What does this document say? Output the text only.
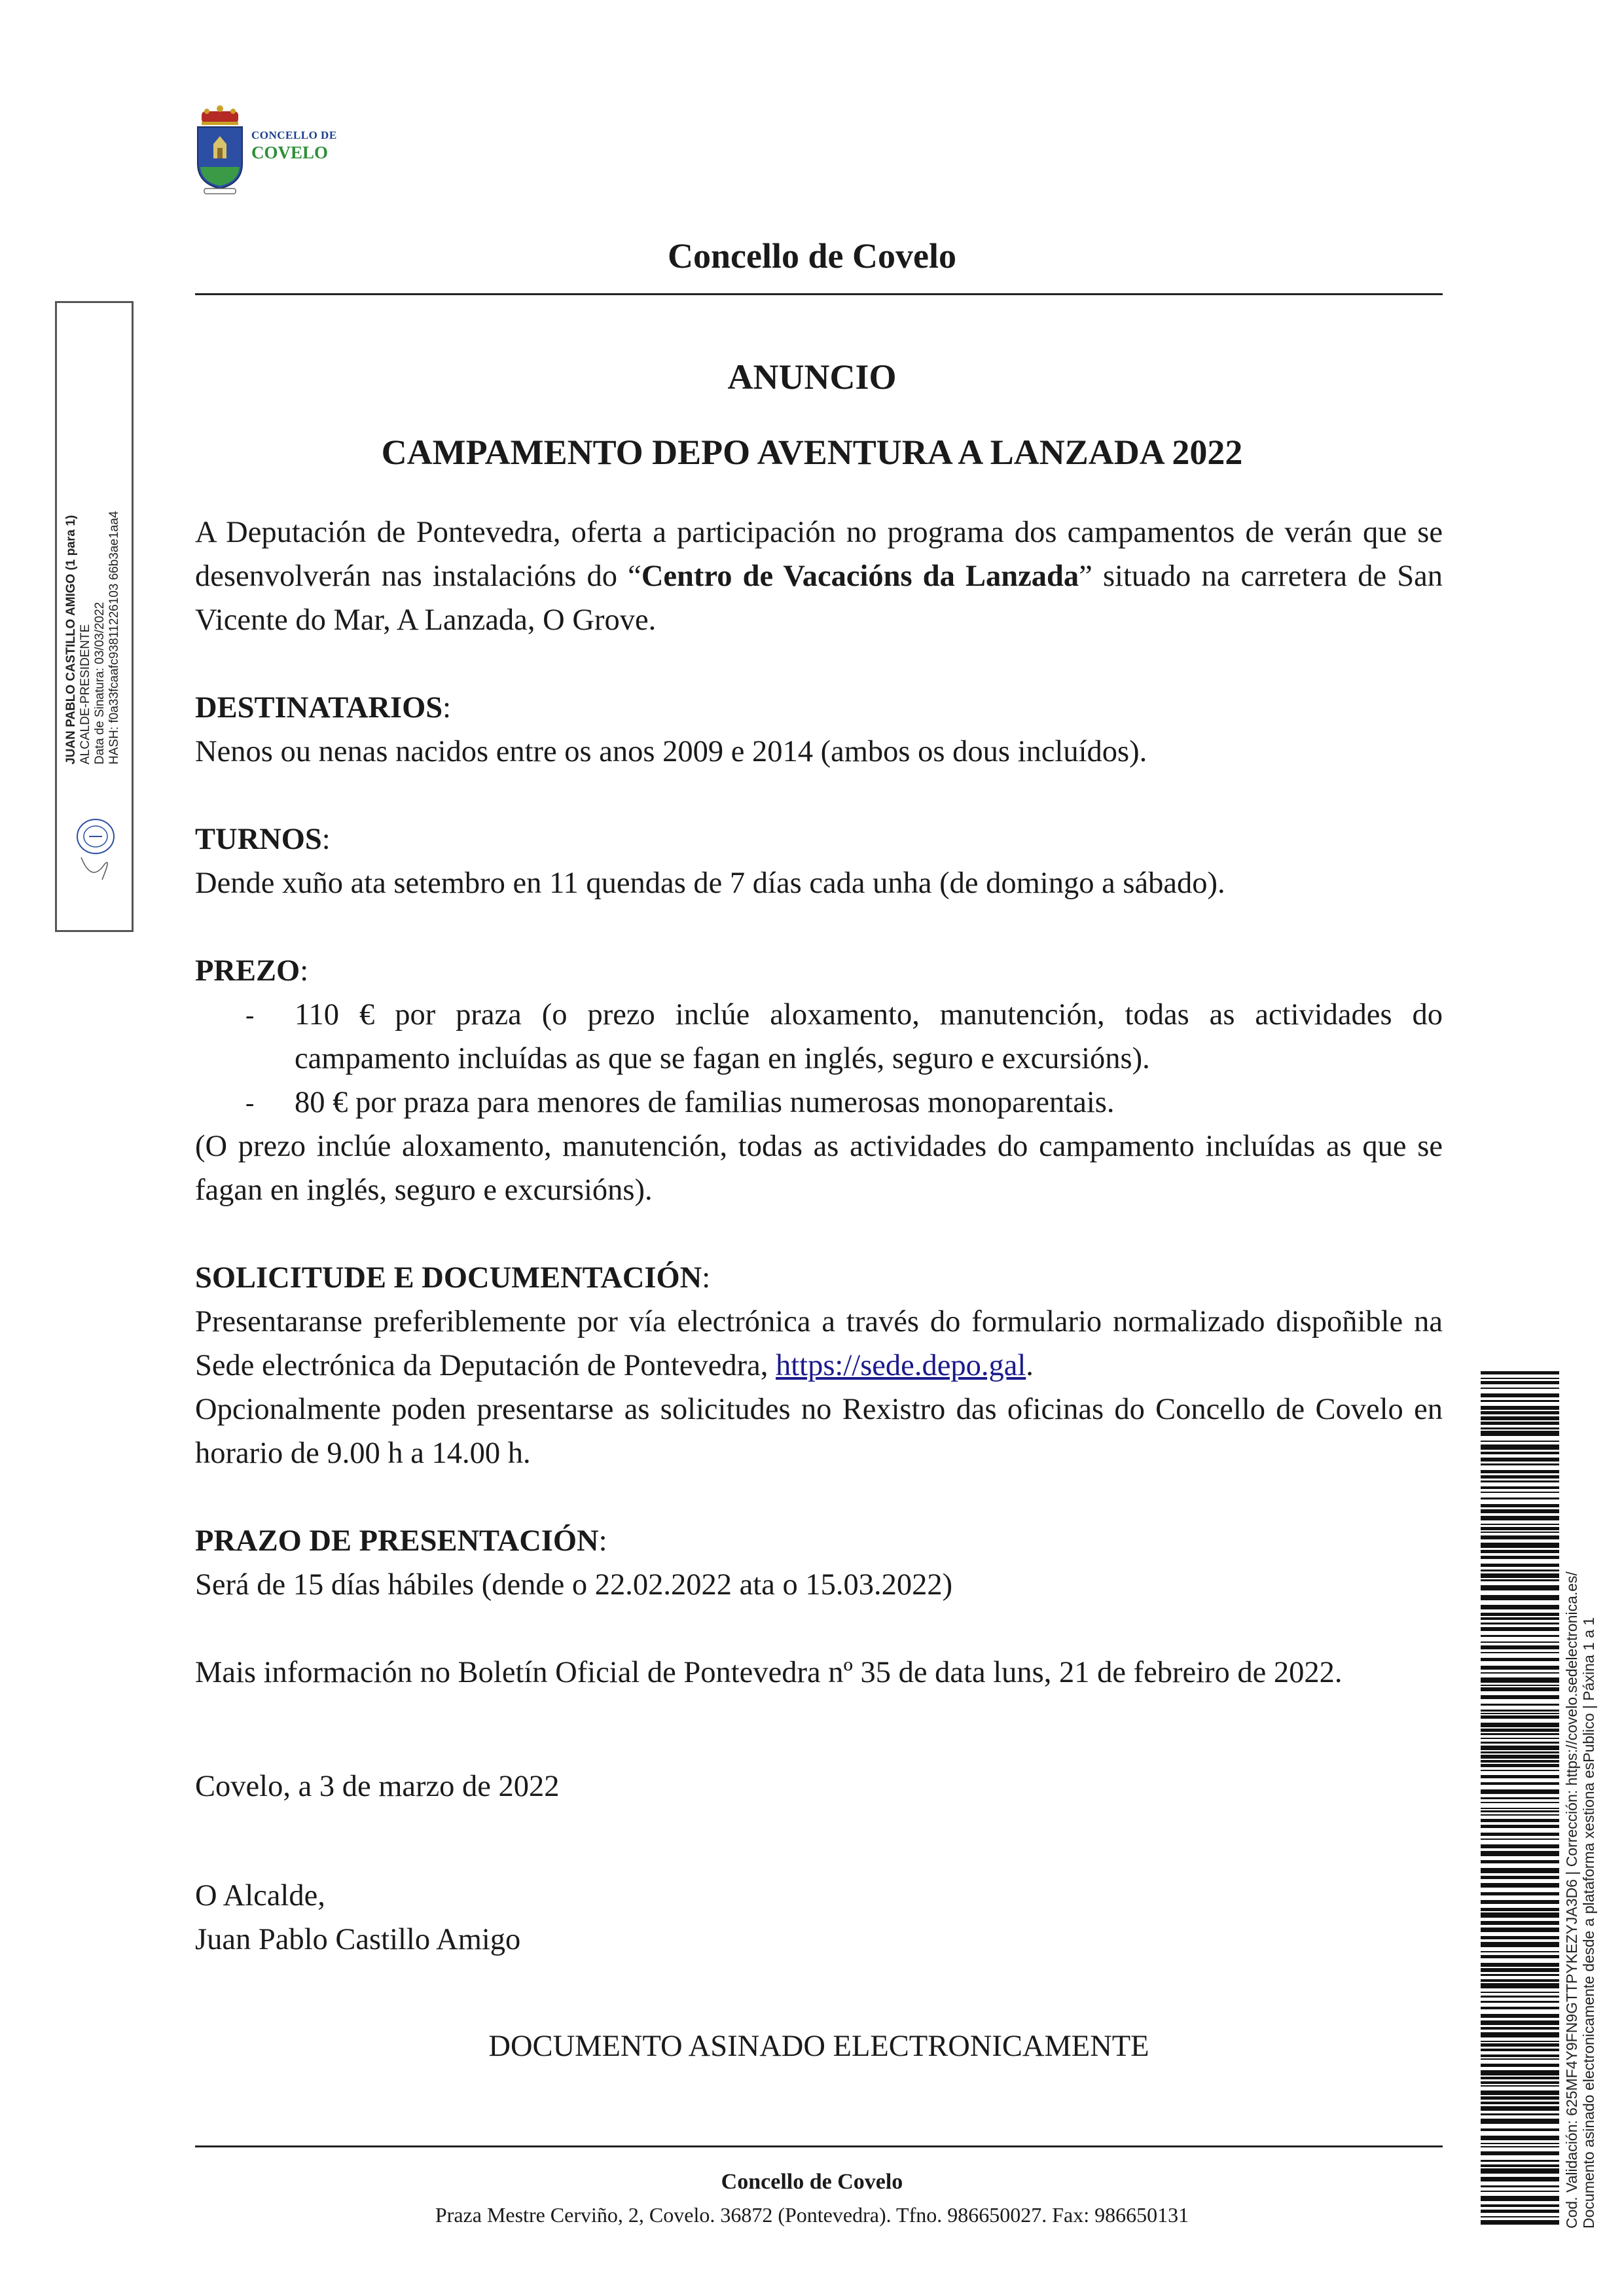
CONCELLO DE
COVELO
Concello de Covelo
ANUNCIO
CAMPAMENTO DEPO AVENTURA A LANZADA 2022

A Deputación de Pontevedra, oferta a participación no programa dos campamentos de verán que se desenvolverán nas instalacións do “Centro de Vacacións da Lanzada” situado na carretera de San Vicente do Mar, A Lanzada, O Grove.

DESTINATARIOS:

Nenos ou nenas nacidos entre os anos 2009 e 2014 (ambos os dous incluídos).

TURNOS:

Dende xuño ata setembro en 11 quendas de 7 días cada unha (de domingo a sábado).

PREZO:

- 110 € por praza (o prezo inclúe aloxamento, manutención, todas as actividades do campamento incluídas as que se fagan en inglés, seguro e excursións).

- 80 € por praza para menores de familias numerosas monoparentais.

(O prezo inclúe aloxamento, manutención, todas as actividades do campamento incluídas as que se fagan en inglés, seguro e excursións).

SOLICITUDE E DOCUMENTACIÓN:

Presentaranse preferiblemente por vía electrónica a través do formulario normalizado dispoñible na Sede electrónica da Deputación de Pontevedra, https://sede.depo.gal.

Opcionalmente poden presentarse as solicitudes no Rexistro das oficinas do Concello de Covelo en horario de 9.00 h a 14.00 h.

PRAZO DE PRESENTACIÓN:

Será de 15 días hábiles (dende o 22.02.2022 ata o 15.03.2022)

Mais información no Boletín Oficial de Pontevedra nº 35 de data luns, 21 de febreiro de 2022.

Covelo, a 3 de marzo de 2022

O Alcalde,

Juan Pablo Castillo Amigo

DOCUMENTO ASINADO ELECTRONICAMENTE

Concello de Covelo
Praza Mestre Cerviño, 2, Covelo. 36872 (Pontevedra). Tfno. 986650027. Fax: 986650131
JUAN PABLO CASTILLO AMIGO (1 para 1) ALCALDE-PRESIDENTE Data de Sinatura: 03/03/2022 HASH: f0a33fcaafc93811226103 66b3ae1aa4
Cod. Validación: 625MF4Y9FN9GTTPYKEZYJA3D6 | Corrección: https://covelo.sedelectronica.es/ Documento asinado electronicamente desde a plataforma xestiona esPublico | Páxina 1 a 1
